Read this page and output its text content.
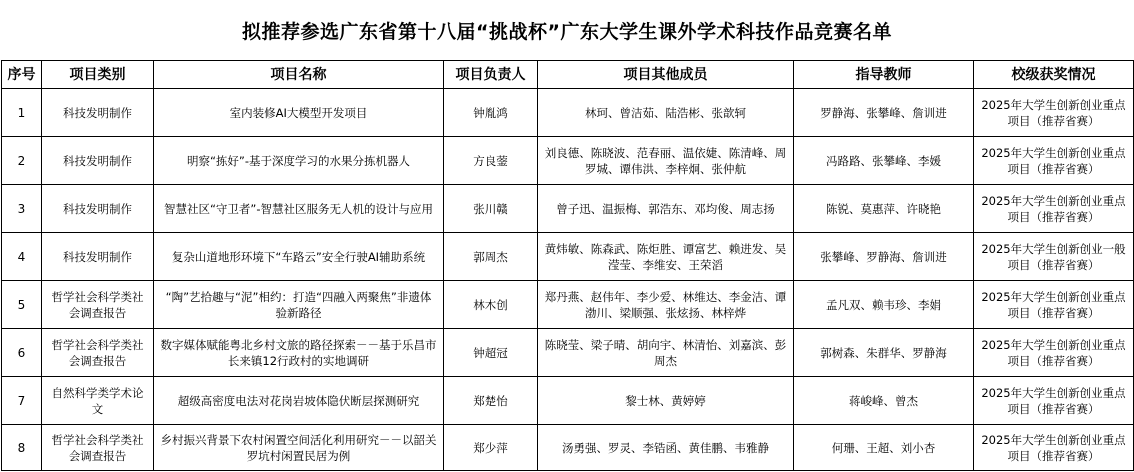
拟推荐参选广东省第十八届“挑战杯”广东大学生课外学术科技作品竞赛名单
序号	项目类别	项目名称	项目负责人	项目其他成员	指导教师	校级获奖情况
1	科技发明制作	室内装修AI大模型开发项目	钟胤鸿	林珂、曾洁茹、陆浩彬、张歆轲	罗静海、张攀峰、詹训进	2025年大学生创新创业重点项目（推荐省赛）
2	科技发明制作	明察“拣好”-基于深度学习的水果分拣机器人	方良蓥	刘良德、陈晓波、范春丽、温依婕、陈清峰、周罗城、谭伟洪、李梓炯、张仲航	冯路路、张攀峰、李媛	2025年大学生创新创业重点项目（推荐省赛）
3	科技发明制作	智慧社区“守卫者”-智慧社区服务无人机的设计与应用	张川赣	曾子迅、温振梅、郭浩东、邓均俊、周志扬	陈锐、莫惠萍、许晓艳	2025年大学生创新创业重点项目（推荐省赛）
4	科技发明制作	复杂山道地形环境下“车路云”安全行驶AI辅助系统	郭周杰	黄炜敏、陈森武、陈炬胜、谭富艺、赖进发、吴滢莹、李维安、王荣滔	张攀峰、罗静海、詹训进	2025年大学生创新创业一般项目（推荐省赛）
5	哲学社会科学类社会调查报告	“陶”艺拾趣与“泥”相约：打造“四融入两聚焦”非遗体验新路径	林木创	郑丹燕、赵伟年、李少爱、林维达、李金洁、谭渤川、梁顺强、张炫扬、林梓烨	孟凡双、赖韦珍、李娟	2025年大学生创新创业重点项目（推荐省赛）
6	哲学社会科学类社会调查报告	数字媒体赋能粤北乡村文旅的路径探索－－基于乐昌市长来镇12行政村的实地调研	钟超冠	陈晓莹、梁子晴、胡向宇、林清怡、刘嘉滨、彭周杰	郭树森、朱群华、罗静海	2025年大学生创新创业重点项目（推荐省赛）
7	自然科学类学术论文	超级高密度电法对花岗岩坡体隐伏断层探测研究	郑楚怡	黎士林、黄婷婷	蒋峻峰、曾杰	2025年大学生创新创业重点项目（推荐省赛）
8	哲学社会科学类社会调查报告	乡村振兴背景下农村闲置空间活化利用研究－－以韶关罗坑村闲置民居为例	郑少萍	汤勇强、罗灵、李锆函、黄佳鹏、韦雅静	何珊、王超、刘小杏	2025年大学生创新创业重点项目（推荐省赛）
